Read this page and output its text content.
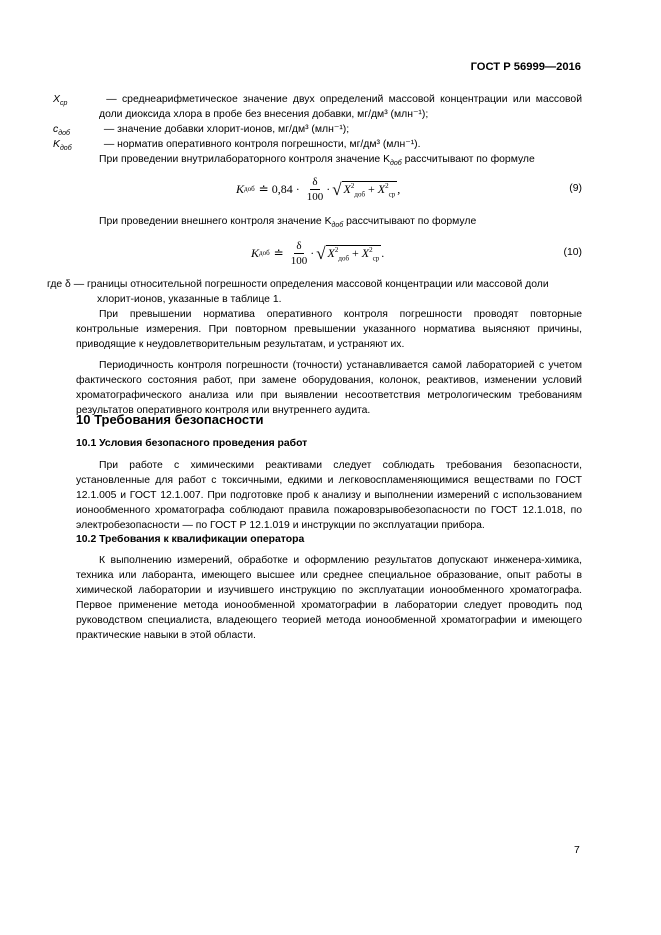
ГОСТ Р 56999—2016
$X_{ср}$	— среднеарифметическое значение двух определений массовой концентрации или массовой доли диоксида хлора в пробе без внесения добавки, мг/дм³ (млн⁻¹);
$c_{доб}$	— значение добавки хлорит-ионов, мг/дм³ (млн⁻¹);
$K_{доб}$	— норматив оперативного контроля погрешности, мг/дм³ (млн⁻¹).

При проведении внутрилабораторного контроля значение $K_{доб}$ рассчитывают по формуле

K доб ≐ $0,84 \cdot \frac{\delta}{100}$ · √ $X^2_{доб} + X^2_{ср}$ ,	(9)

При проведении внешнего контроля значение $K_{доб}$ рассчитывают по формуле

K доб ≐ $\frac{\delta}{100}$ · √ $X^2_{доб} + X^2_{ср}$ .	(10)
где δ — границы относительной погрешности определения массовой концентрации или массовой доли
хлорит-ионов, указанные в таблице 1.

При превышении норматива оперативного контроля погрешности проводят повторные контрольные измерения. При повторном превышении указанного норматива выясняют причины, приводящие к неудовлетворительным результатам, и устраняют их.

Периодичность контроля погрешности (точности) устанавливается самой лабораторией с учетом фактического состояния работ, при замене оборудования, колонок, реактивов, изменении условий хроматографического анализа или при выявлении несоответствия метрологическим требованиям результатов оперативного контроля или внутреннего аудита.

10 Требования безопасности
10.1 Условия безопасного проведения работ

При работе с химическими реактивами следует соблюдать требования безопасности, установленные для работ с токсичными, едкими и легковоспламеняющимися веществами по ГОСТ 12.1.005 и ГОСТ 12.1.007. При подготовке проб к анализу и выполнении измерений с использованием ионообменного хроматографа соблюдают правила пожаровзрывобезопасности по ГОСТ 12.1.018, по электробезопасности — по ГОСТ Р 12.1.019 и инструкции по эксплуатации прибора.

10.2 Требования к квалификации оператора

К выполнению измерений, обработке и оформлению результатов допускают инженера-химика, техника или лаборанта, имеющего высшее или среднее специальное образование, опыт работы в химической лаборатории и изучившего инструкцию по эксплуатации ионообменного хроматографа. Первое применение метода ионообменной хроматографии в лаборатории следует проводить под руководством специалиста, владеющего теорией метода ионообменной хроматографии и имеющего практические навыки в этой области.

7
